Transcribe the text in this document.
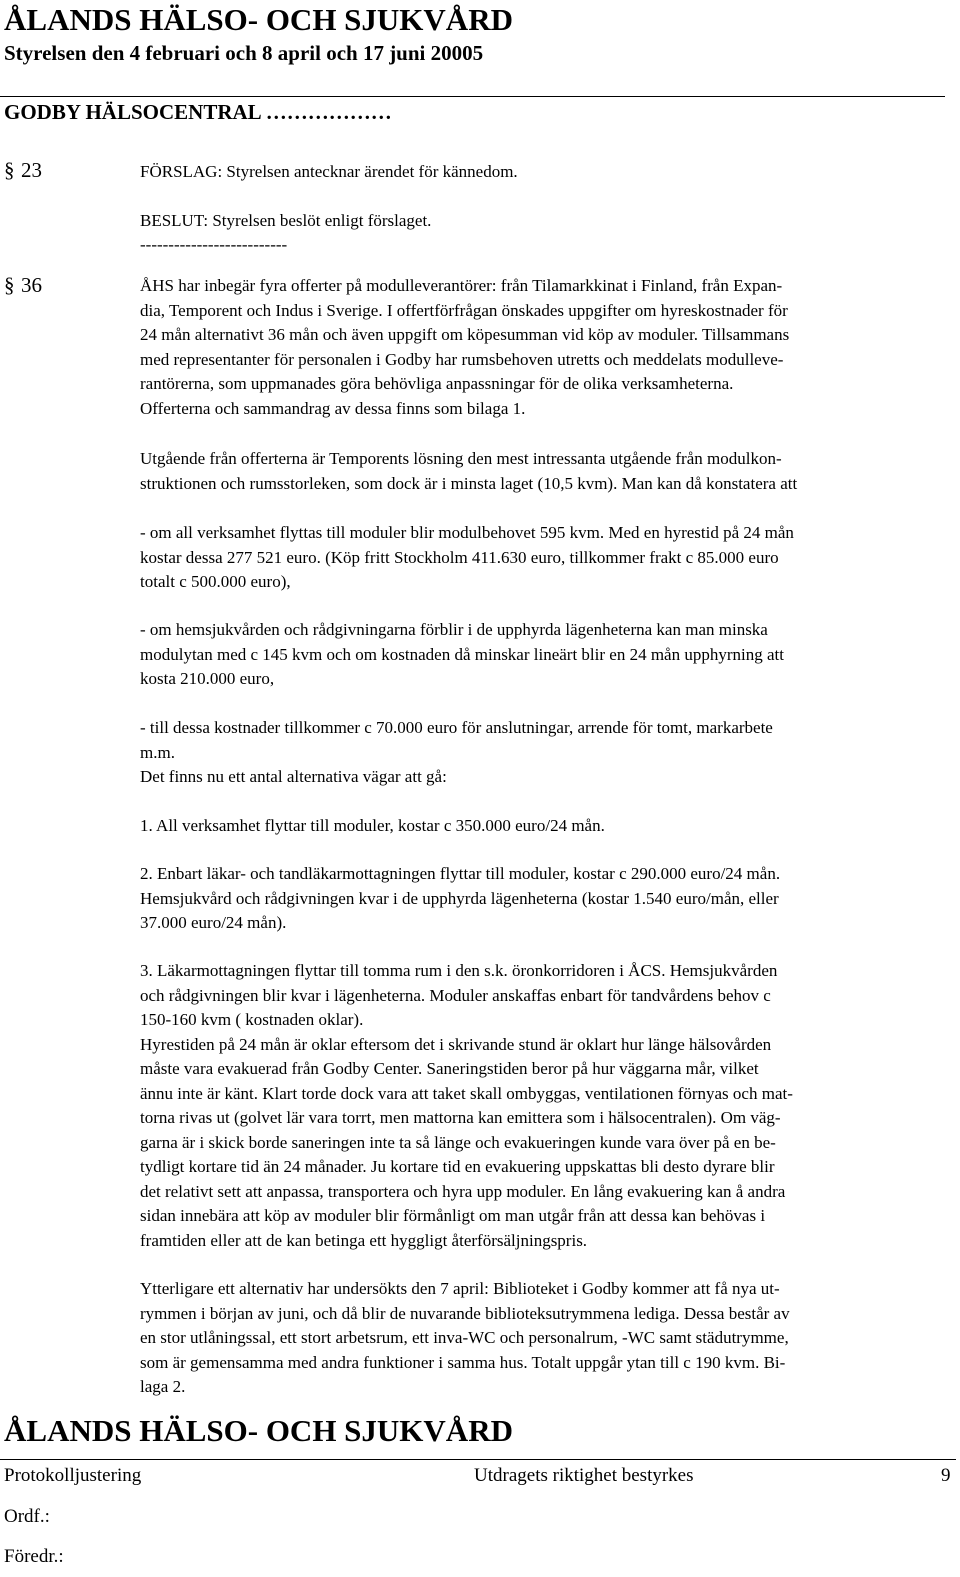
ÅLANDS HÄLSO- OCH SJUKVÅRD
Styrelsen den 4 februari och 8 april och 17 juni 20005
GODBY HÄLSOCENTRAL ………………
§ 23	FÖRSLAG: Styrelsen antecknar ärendet för kännedom.
BESLUT: Styrelsen beslöt enligt förslaget.
--------------------------
§ 36	ÅHS har inbegär fyra offerter på modulleverantörer: från Tilamarkkinat i Finland, från Expan-
dia, Temporent och Indus i Sverige. I offertförfrågan önskades uppgifter om hyreskostnader för
24 mån alternativt 36 mån och även uppgift om köpesumman vid köp av moduler. Tillsammans
med representanter för personalen i Godby har rumsbehoven utretts och meddelats modulleve-
rantörerna, som uppmanades göra behövliga anpassningar för de olika verksamheterna.
Offerterna och sammandrag av dessa finns som bilaga 1.
Utgående från offerterna är Temporents lösning den mest intressanta utgående från modulkon-
struktionen och rumsstorleken, som dock är i minsta laget (10,5 kvm). Man kan då konstatera att
- om all verksamhet flyttas till moduler blir modulbehovet 595 kvm. Med en hyrestid på 24 mån
kostar dessa 277 521 euro. (Köp fritt Stockholm 411.630 euro, tillkommer frakt c 85.000 euro
totalt c 500.000 euro),
- om hemsjukvården och rådgivningarna förblir i de upphyrda lägenheterna kan man minska
modulytan med c 145 kvm och om kostnaden då minskar lineärt blir en 24 mån upphyrning att
kosta 210.000 euro,
- till dessa kostnader tillkommer c 70.000 euro för anslutningar, arrende för tomt, markarbete
m.m.
Det finns nu ett antal alternativa vägar att gå:
1. All verksamhet flyttar till moduler, kostar c 350.000 euro/24 mån.
2. Enbart läkar- och tandläkarmottagningen flyttar till moduler, kostar c 290.000 euro/24 mån.
Hemsjukvård och rådgivningen kvar i de upphyrda lägenheterna (kostar 1.540 euro/mån, eller
37.000 euro/24 mån).
3. Läkarmottagningen flyttar till tomma rum i den s.k. öronkorridoren i ÅCS. Hemsjukvården
och rådgivningen blir kvar i lägenheterna. Moduler anskaffas enbart för tandvårdens behov c
150-160 kvm ( kostnaden oklar).
Hyrestiden på 24 mån är oklar eftersom det i skrivande stund är oklart hur länge hälsovården
måste vara evakuerad från Godby Center. Saneringstiden beror på hur väggarna mår, vilket
ännu inte är känt. Klart torde dock vara att taket skall ombyggas, ventilationen förnyas och mat-
torna rivas ut (golvet lär vara torrt, men mattorna kan emittera som i hälsocentralen). Om väg-
garna är i skick borde saneringen inte ta så länge och evakueringen kunde vara över på en be-
tydligt kortare tid än 24 månader. Ju kortare tid en evakuering uppskattas bli desto dyrare blir
det relativt sett att anpassa, transportera och hyra upp moduler. En lång evakuering kan å andra
sidan innebära att köp av moduler blir förmånligt om man utgår från att dessa kan behövas i
framtiden eller att de kan betinga ett hyggligt återförsäljningspris.
Ytterligare ett alternativ har undersökts den 7 april: Biblioteket i Godby kommer att få nya ut-
rymmen i början av juni, och då blir de nuvarande biblioteksutrymmena lediga. Dessa består av
en stor utlåningssal, ett stort arbetsrum, ett inva-WC och personalrum, -WC samt städutrymme,
som är gemensamma med andra funktioner i samma hus. Totalt uppgår ytan till c 190 kvm. Bi-
laga 2.
ÅLANDS HÄLSO- OCH SJUKVÅRD
Protokolljustering	Utdragets riktighet bestyrkes	9
Ordf.:
Föredr.:
